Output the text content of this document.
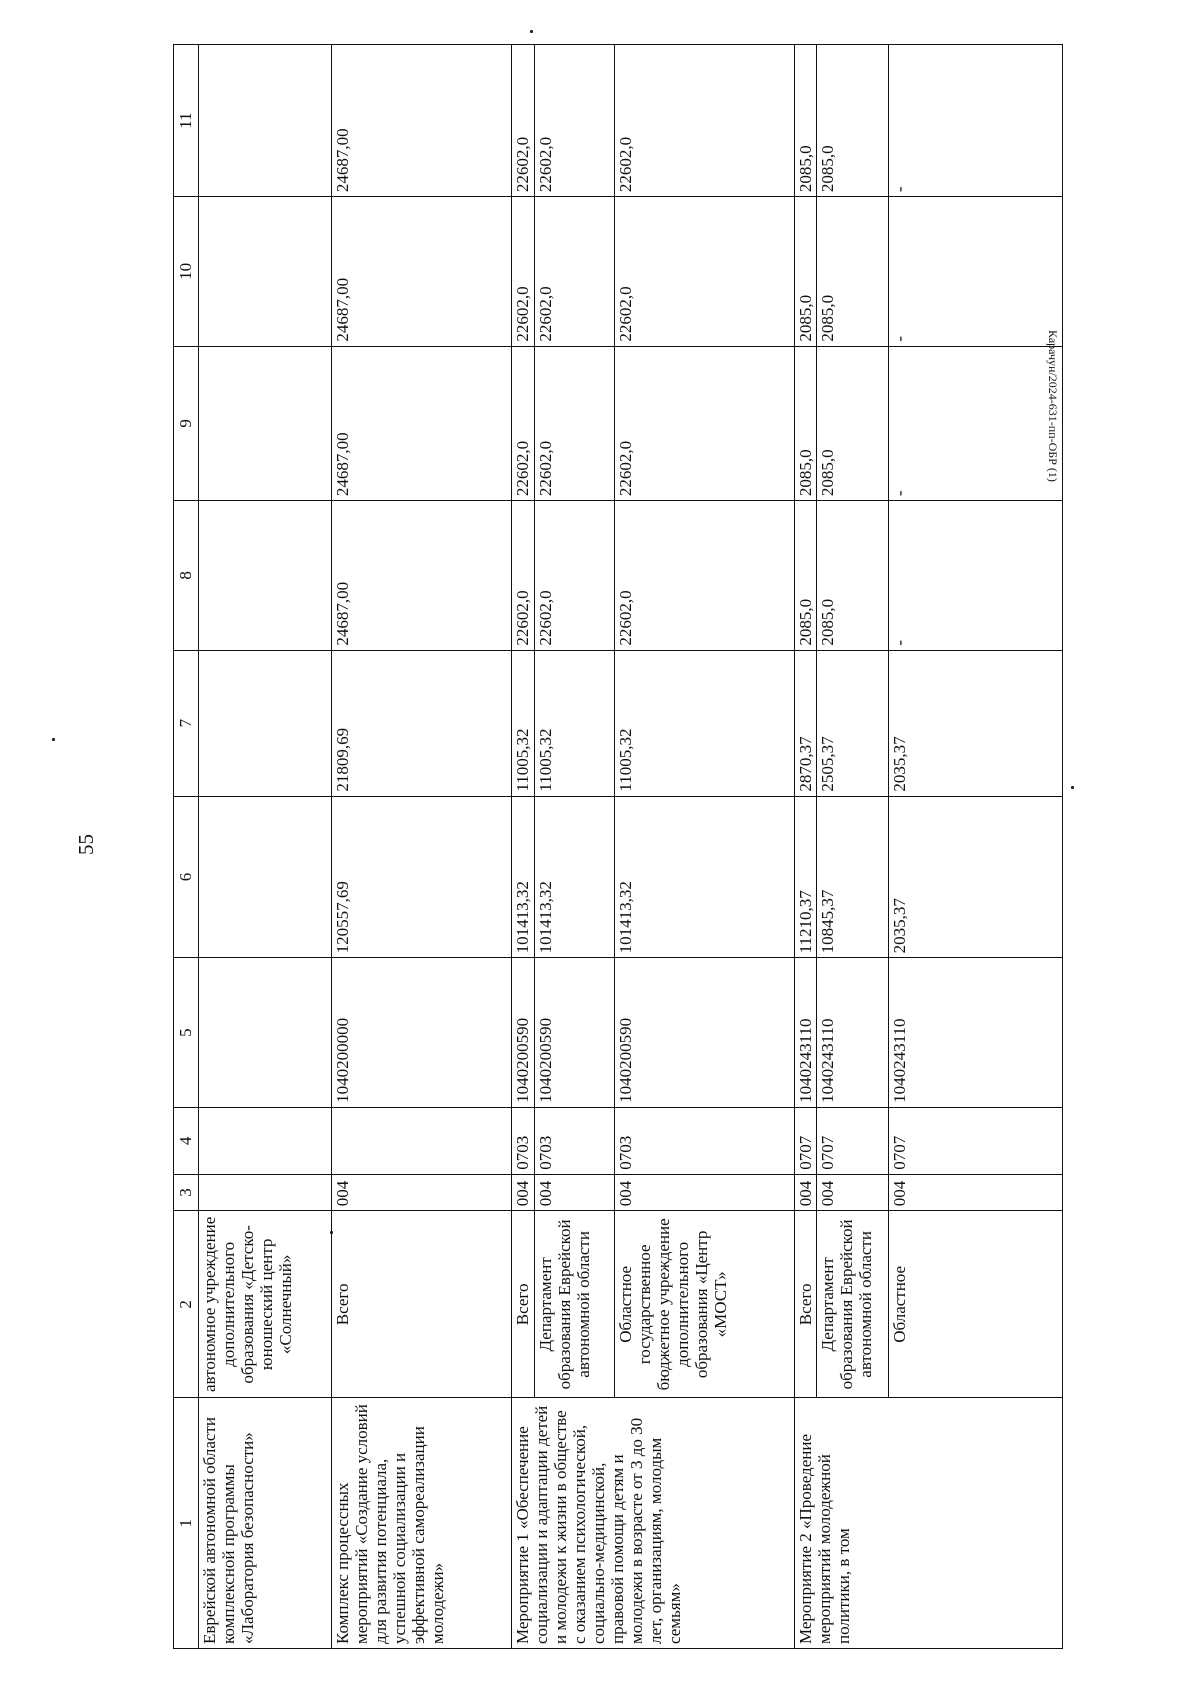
55
Карачун/2024-631-пп-ОБР (1)
1	2	3	4	5	6	7	8	9	10	11
Еврейской автономной области комплексной программы «Лаборатория безопасности»	автономное учреждение дополнительного образования «Детско-юношеский центр «Солнечный»									
Комплекс процессных мероприятий «Создание условий для развития потенциала, успешной социализации и эффективной самореализации молодежи»	Всего	004		1040200000	120557,69	21809,69	24687,00	24687,00	24687,00	24687,00
Мероприятие 1 «Обеспечение социализации и адаптации детей и молодежи к жизни в обществе с оказанием психологической, социально-медицинской, правовой помощи детям и молодежи в возрасте от 3 до 30 лет, организациям, молодым семьям»	Всего	004	0703	1040200590	101413,32	11005,32	22602,0	22602,0	22602,0	22602,0
	Департамент образования Еврейской автономной области	004	0703	1040200590	101413,32	11005,32	22602,0	22602,0	22602,0	22602,0
	Областное государственное бюджетное учреждение дополнительного образования «Центр «МОСТ»	004	0703	1040200590	101413,32	11005,32	22602,0	22602,0	22602,0	22602,0
Мероприятие 2 «Проведение мероприятий молодежной политики, в том	Всего	004	0707	1040243110	11210,37	2870,37	2085,0	2085,0	2085,0	2085,0
	Департамент образования Еврейской автономной области	004	0707	1040243110	10845,37	2505,37	2085,0	2085,0	2085,0	2085,0
	Областное	004	0707	1040243110	2035,37	2035,37	-	-	-	-
